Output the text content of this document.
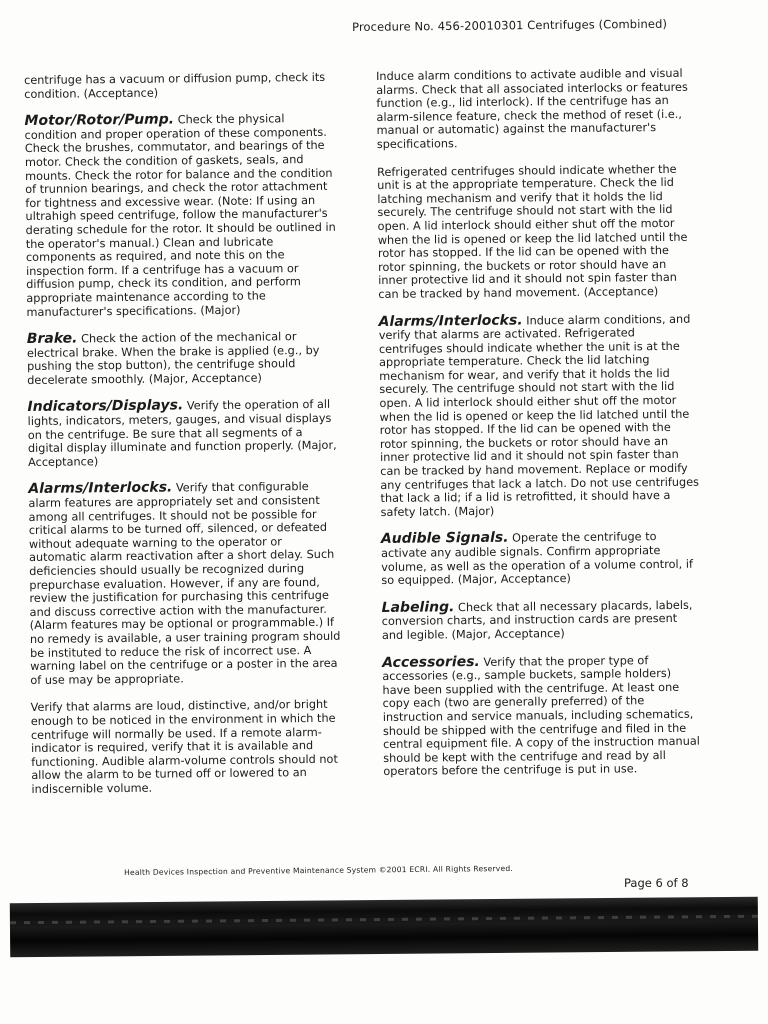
Procedure No. 456-20010301 Centrifuges (Combined)

centrifuge has a vacuum or diffusion pump, check its condition. (Acceptance)

Motor/Rotor/Pump. Check the physical condition and proper operation of these components. Check the brushes, commutator, and bearings of the motor. Check the condition of gaskets, seals, and mounts. Check the rotor for balance and the condition of trunnion bearings, and check the rotor attachment for tightness and excessive wear. (Note: If using an ultrahigh speed centrifuge, follow the manufacturer's derating schedule for the rotor. It should be outlined in the operator's manual.) Clean and lubricate components as required, and note this on the inspection form. If a centrifuge has a vacuum or diffusion pump, check its condition, and perform appropriate maintenance according to the manufacturer's specifications. (Major)

Brake. Check the action of the mechanical or electrical brake. When the brake is applied (e.g., by pushing the stop button), the centrifuge should decelerate smoothly. (Major, Acceptance)

Indicators/Displays. Verify the operation of all lights, indicators, meters, gauges, and visual displays on the centrifuge. Be sure that all segments of a digital display illuminate and function properly. (Major, Acceptance)

Alarms/Interlocks. Verify that configurable alarm features are appropriately set and consistent among all centrifuges. It should not be possible for critical alarms to be turned off, silenced, or defeated without adequate warning to the operator or automatic alarm reactivation after a short delay. Such deficiencies should usually be recognized during prepurchase evaluation. However, if any are found, review the justification for purchasing this centrifuge and discuss corrective action with the manufacturer. (Alarm features may be optional or programmable.) If no remedy is available, a user training program should be instituted to reduce the risk of incorrect use. A warning label on the centrifuge or a poster in the area of use may be appropriate.

Verify that alarms are loud, distinctive, and/or bright enough to be noticed in the environment in which the centrifuge will normally be used. If a remote alarm-indicator is required, verify that it is available and functioning. Audible alarm-volume controls should not allow the alarm to be turned off or lowered to an indiscernible volume.

Induce alarm conditions to activate audible and visual alarms. Check that all associated interlocks or features function (e.g., lid interlock). If the centrifuge has an alarm-silence feature, check the method of reset (i.e., manual or automatic) against the manufacturer's specifications.

Refrigerated centrifuges should indicate whether the unit is at the appropriate temperature. Check the lid latching mechanism and verify that it holds the lid securely. The centrifuge should not start with the lid open. A lid interlock should either shut off the motor when the lid is opened or keep the lid latched until the rotor has stopped. If the lid can be opened with the rotor spinning, the buckets or rotor should have an inner protective lid and it should not spin faster than can be tracked by hand movement. (Acceptance)

Alarms/Interlocks. Induce alarm conditions, and verify that alarms are activated. Refrigerated centrifuges should indicate whether the unit is at the appropriate temperature. Check the lid latching mechanism for wear, and verify that it holds the lid securely. The centrifuge should not start with the lid open. A lid interlock should either shut off the motor when the lid is opened or keep the lid latched until the rotor has stopped. If the lid can be opened with the rotor spinning, the buckets or rotor should have an inner protective lid and it should not spin faster than can be tracked by hand movement. Replace or modify any centrifuges that lack a latch. Do not use centrifuges that lack a lid; if a lid is retrofitted, it should have a safety latch. (Major)

Audible Signals. Operate the centrifuge to activate any audible signals. Confirm appropriate volume, as well as the operation of a volume control, if so equipped. (Major, Acceptance)

Labeling. Check that all necessary placards, labels, conversion charts, and instruction cards are present and legible. (Major, Acceptance)

Accessories. Verify that the proper type of accessories (e.g., sample buckets, sample holders) have been supplied with the centrifuge. At least one copy each (two are generally preferred) of the instruction and service manuals, including schematics, should be shipped with the centrifuge and filed in the central equipment file. A copy of the instruction manual should be kept with the centrifuge and read by all operators before the centrifuge is put in use.

Health Devices Inspection and Preventive Maintenance System ©2001 ECRI. All Rights Reserved.
Page 6 of 8
